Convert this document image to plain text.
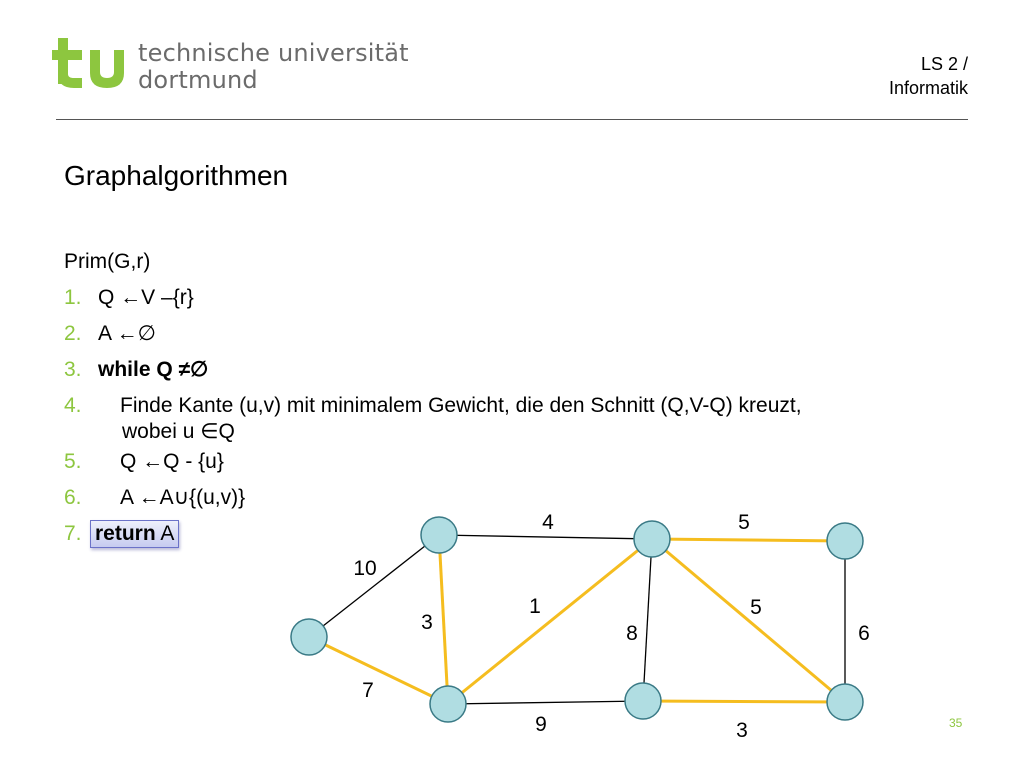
technische universität
dortmund
LS 2 /
Informatik
Graphalgorithmen
Prim(G,r)
1. Q ←V –{r}
2. A ←∅
3. while Q ≠∅
4. Finde Kante (u,v) mit minimalem Gewicht, die den Schnitt (Q,V-Q) kreuzt,
wobei u ∈Q
5. Q ←Q - {u}
6. A ←A∪{(u,v)}
7. return A
10
7
4
3
1
9
8
5
5
6
3	35
